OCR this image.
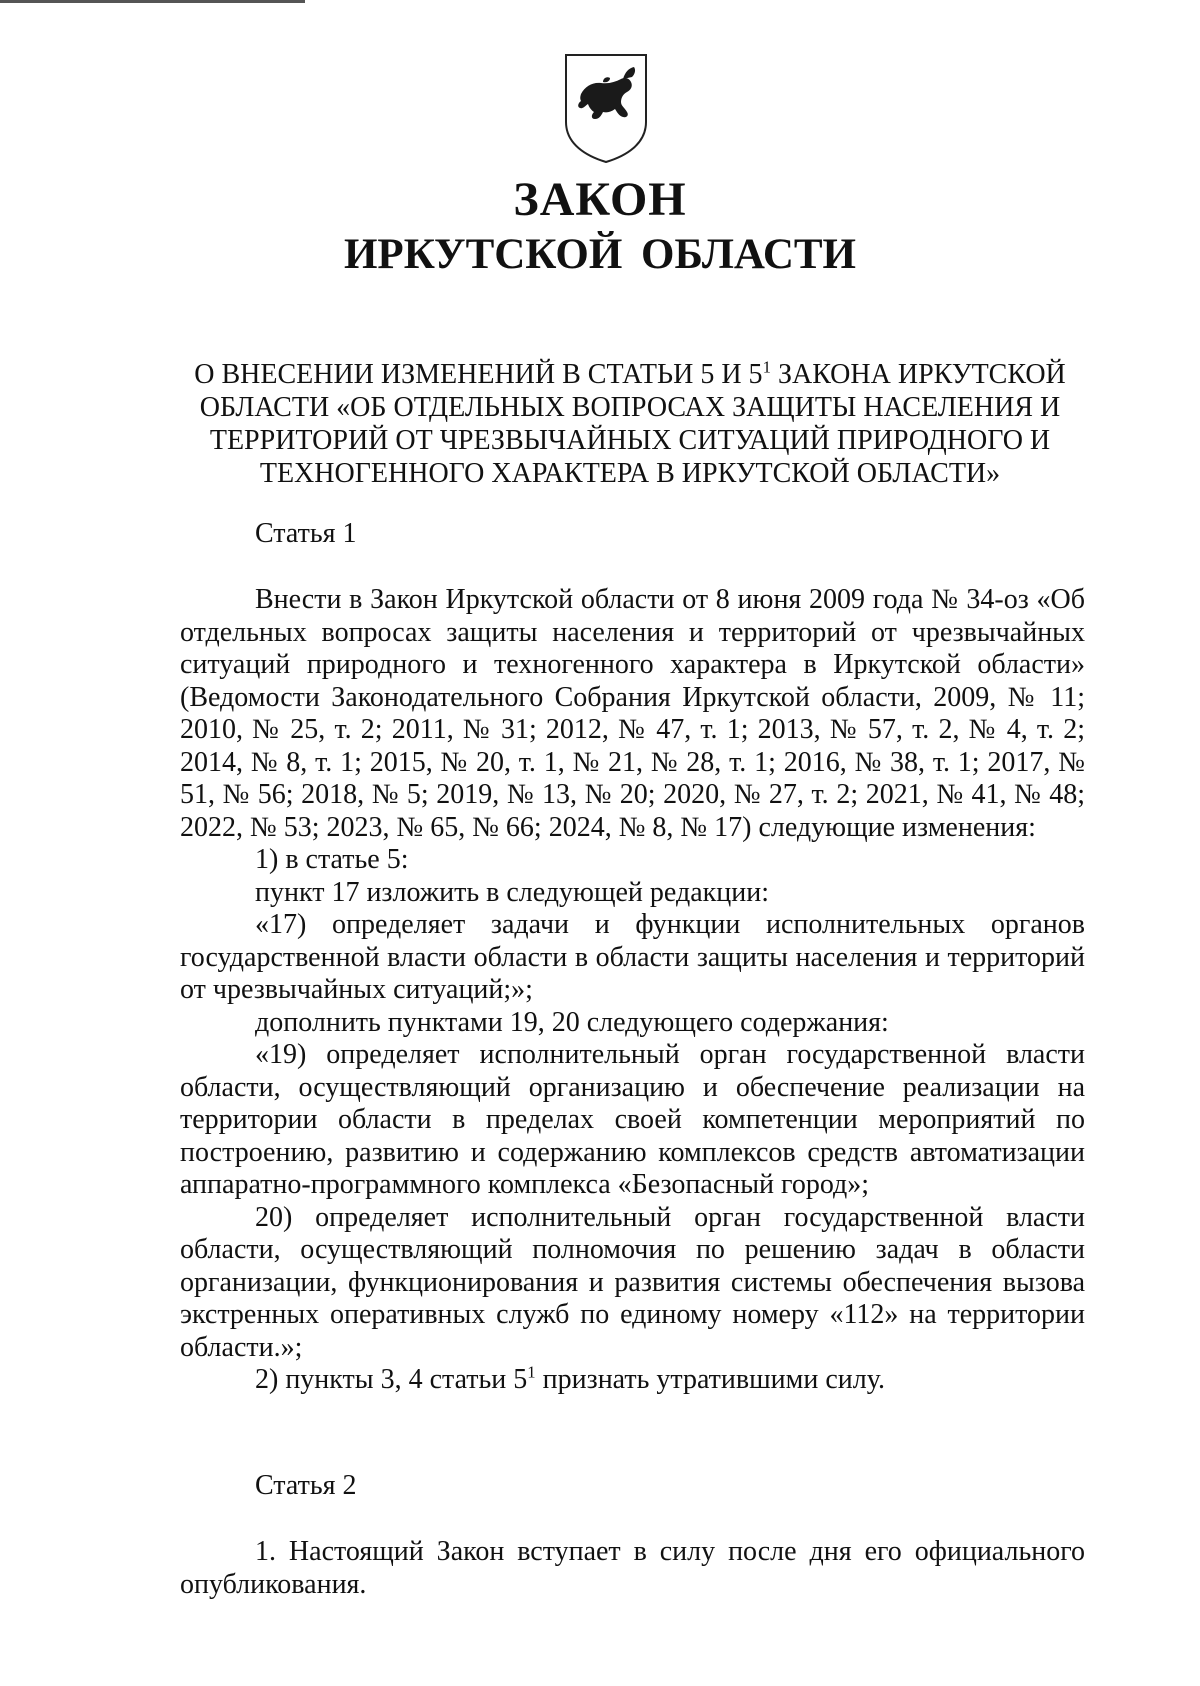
ЗАКОН
ИРКУТСКОЙ ОБЛАСТИ
О ВНЕСЕНИИ ИЗМЕНЕНИЙ В СТАТЬИ 5 И $5^1$ ЗАКОНА ИРКУТСКОЙ ОБЛАСТИ «ОБ ОТДЕЛЬНЫХ ВОПРОСАХ ЗАЩИТЫ НАСЕЛЕНИЯ И ТЕРРИТОРИЙ ОТ ЧРЕЗВЫЧАЙНЫХ СИТУАЦИЙ ПРИРОДНОГО И ТЕХНОГЕННОГО ХАРАКТЕРА В ИРКУТСКОЙ ОБЛАСТИ»

Статья 1

Внести в Закон Иркутской области от 8 июня 2009 года № 34-оз «Об отдельных вопросах защиты населения и территорий от чрезвычайных ситуаций природного и техногенного характера в Иркутской области» (Ведомости Законодательного Собрания Иркутской области, 2009, № 11; 2010, № 25, т. 2; 2011, № 31; 2012, № 47, т. 1; 2013, № 57, т. 2, № 4, т. 2; 2014, № 8, т. 1; 2015, № 20, т. 1, № 21, № 28, т. 1; 2016, № 38, т. 1; 2017, № 51, № 56; 2018, № 5; 2019, № 13, № 20; 2020, № 27, т. 2; 2021, № 41, № 48; 2022, № 53; 2023, № 65, № 66; 2024, № 8, № 17) следующие изменения:

1) в статье 5:

пункт 17 изложить в следующей редакции:

«17) определяет задачи и функции исполнительных органов государственной власти области в области защиты населения и территорий от чрезвычайных ситуаций;»;

дополнить пунктами 19, 20 следующего содержания:

«19) определяет исполнительный орган государственной власти области, осуществляющий организацию и обеспечение реализации на территории области в пределах своей компетенции мероприятий по построению, развитию и содержанию комплексов средств автоматизации аппаратно-программного комплекса «Безопасный город»;

20) определяет исполнительный орган государственной власти области, осуществляющий полномочия по решению задач в области организации, функционирования и развития системы обеспечения вызова экстренных оперативных служб по единому номеру «112» на территории области.»;

2) пункты 3, 4 статьи $5^1$ признать утратившими силу.

Статья 2

1. Настоящий Закон вступает в силу после дня его официального опубликования.
